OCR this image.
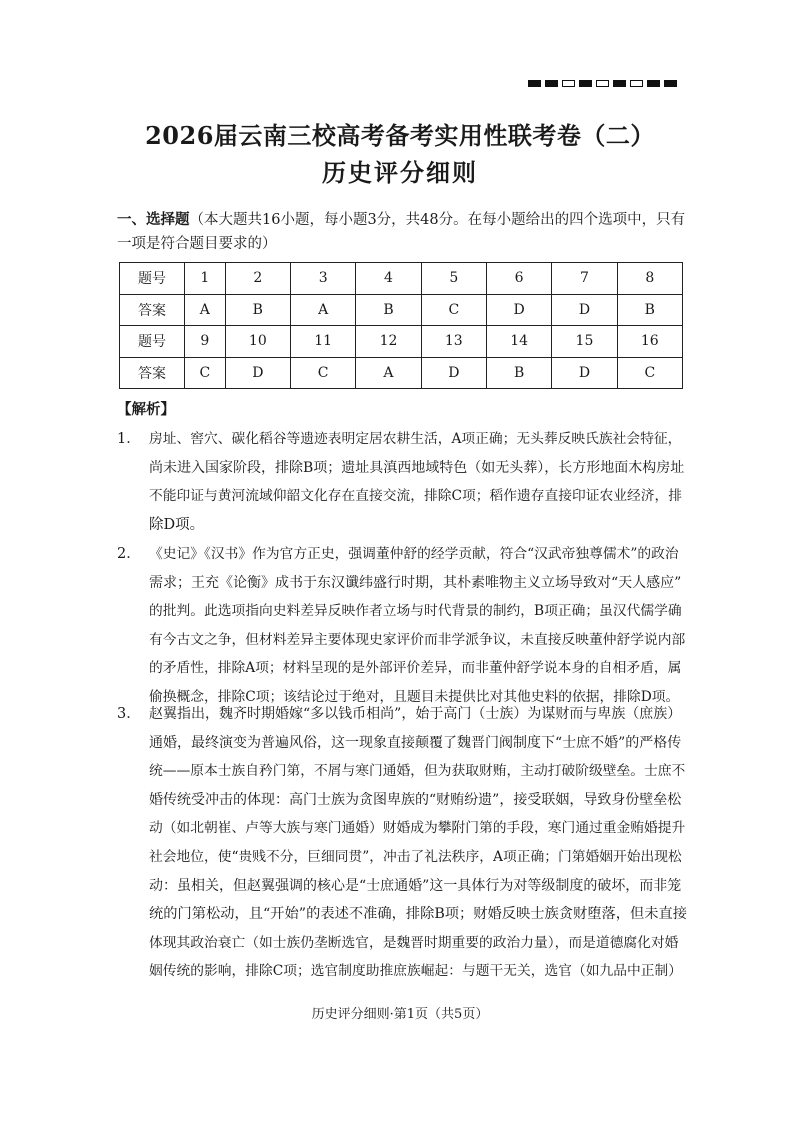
2026届云南三校高考备考实用性联考卷（二）
历史评分细则
一、选择题（本大题共16小题，每小题3分，共48分。在每小题给出的四个选项中，只有
一项是符合题目要求的）
题号	1	2	3	4	5	6	7	8
答案	A	B	A	B	C	D	D	B
题号	9	10	11	12	13	14	15	16
答案	C	D	C	A	D	B	D	C
【解析】
1． 房址、窖穴、碳化稻谷等遗迹表明定居农耕生活，A项正确；无头葬反映氏族社会特征，
尚未进入国家阶段，排除B项；遗址具滇西地域特色（如无头葬），长方形地面木构房址
不能印证与黄河流域仰韶文化存在直接交流，排除C项；稻作遗存直接印证农业经济，排
除D项。
2． 《史记》《汉书》作为官方正史，强调董仲舒的经学贡献，符合“汉武帝独尊儒术”的政治
需求；王充《论衡》成书于东汉谶纬盛行时期，其朴素唯物主义立场导致对“天人感应”
的批判。此选项指向史料差异反映作者立场与时代背景的制约，B项正确；虽汉代儒学确
有今古文之争，但材料差异主要体现史家评价而非学派争议，未直接反映董仲舒学说内部
的矛盾性，排除A项；材料呈现的是外部评价差异，而非董仲舒学说本身的自相矛盾，属
偷换概念，排除C项；该结论过于绝对，且题目未提供比对其他史料的依据，排除D项。
3． 赵翼指出，魏齐时期婚嫁“多以钱币相尚”，始于高门（士族）为谋财而与卑族（庶族）
通婚，最终演变为普遍风俗，这一现象直接颠覆了魏晋门阀制度下“士庶不婚”的严格传
统——原本士族自矜门第，不屑与寒门通婚，但为获取财贿，主动打破阶级壁垒。士庶不
婚传统受冲击的体现：高门士族为贪图卑族的“财贿纷遗”，接受联姻，导致身份壁垒松
动（如北朝崔、卢等大族与寒门通婚）财婚成为攀附门第的手段，寒门通过重金贿婚提升
社会地位，使“贵贱不分，巨细同贯”，冲击了礼法秩序，A项正确；门第婚姻开始出现松
动：虽相关，但赵翼强调的核心是“士庶通婚”这一具体行为对等级制度的破坏，而非笼
统的门第松动，且“开始”的表述不准确，排除B项；财婚反映士族贪财堕落，但未直接
体现其政治衰亡（如士族仍垄断选官，是魏晋时期重要的政治力量），而是道德腐化对婚
姻传统的影响，排除C项；选官制度助推庶族崛起：与题干无关，选官（如九品中正制）
历史评分细则·第1页（共5页）
